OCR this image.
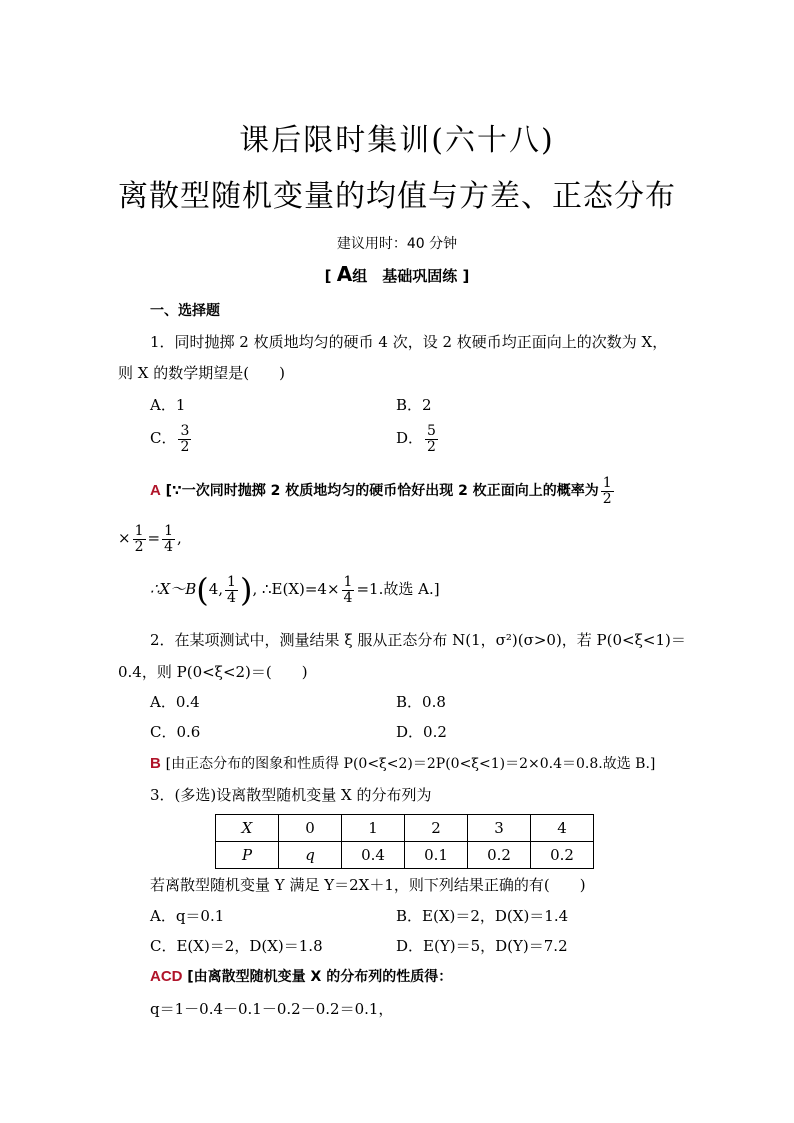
课后限时集训(六十八)
离散型随机变量的均值与方差、正态分布
建议用时：40 分钟
[ A组　基础巩固练 ]
一、选择题
1．同时抛掷 2 枚质地均匀的硬币 4 次，设 2 枚硬币均正面向上的次数为 X，
则 X 的数学期望是(　　)
A．1	B．2
C． $\frac{3}{2}$	D． $\frac{5}{2}$
A [∵一次同时抛掷 2 枚质地均匀的硬币恰好出现 2 枚正面向上的概率为 $\frac{1}{2}$
× $\frac{1}{2} = \frac{1}{4}$ ,
∴X～B(4, $\frac{1}{4}$ ), ∴E(X)=4× $\frac{1}{4} =1$.故选 A.]
2．在某项测试中，测量结果 ξ 服从正态分布 N(1，σ²)(σ>0)，若 P(0<ξ<1)＝
0.4，则 P(0<ξ<2)＝(　　)
A．0.4	B．0.8
C．0.6	D．0.2
B [由正态分布的图象和性质得 P(0<ξ<2)＝2P(0<ξ<1)＝2×0.4＝0.8.故选 B.]
3．(多选)设离散型随机变量 X 的分布列为
X	0	1	2	3	4
P	q	0.4	0.1	0.2	0.2
若离散型随机变量 Y 满足 Y＝2X＋1，则下列结果正确的有(　　)
A．q＝0.1	B．E(X)＝2，D(X)＝1.4
C．E(X)＝2，D(X)＝1.8	D．E(Y)＝5，D(Y)＝7.2
ACD [由离散型随机变量 X 的分布列的性质得：
q＝1－0.4－0.1－0.2－0.2＝0.1，
